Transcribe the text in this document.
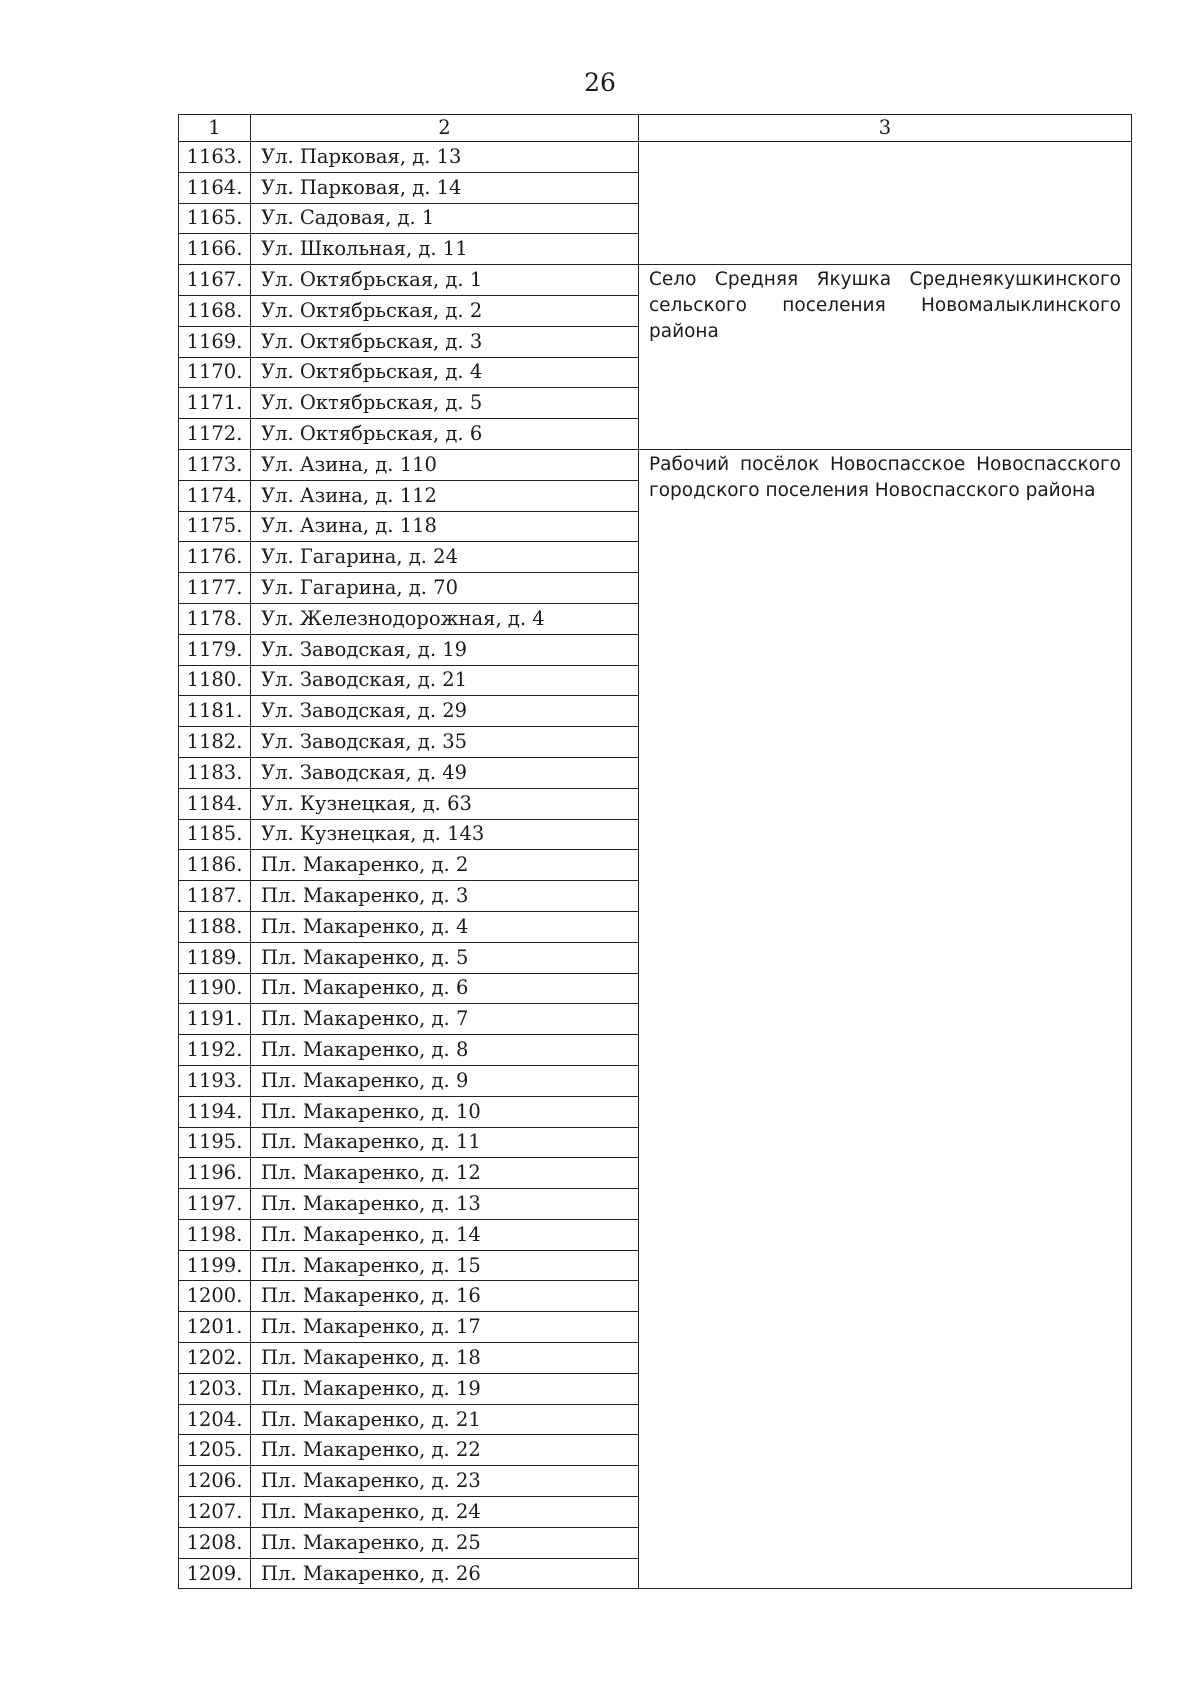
26
1	2	3
1163.	Ул. Парковая, д. 13	
1164.	Ул. Парковая, д. 14	
1165.	Ул. Садовая, д. 1	
1166.	Ул. Школьная, д. 11	
1167.	Ул. Октябрьская, д. 1	Село Средняя Якушка Среднеякушкинского сельского поселения Новомалыклинского района
1168.	Ул. Октябрьская, д. 2	
1169.	Ул. Октябрьская, д. 3	
1170.	Ул. Октябрьская, д. 4	
1171.	Ул. Октябрьская, д. 5	
1172.	Ул. Октябрьская, д. 6	
1173.	Ул. Азина, д. 110	Рабочий посёлок Новоспасское Новоспасского городского поселения Новоспасского района
1174.	Ул. Азина, д. 112	
1175.	Ул. Азина, д. 118	
1176.	Ул. Гагарина, д. 24	
1177.	Ул. Гагарина, д. 70	
1178.	Ул. Железнодорожная, д. 4	
1179.	Ул. Заводская, д. 19	
1180.	Ул. Заводская, д. 21	
1181.	Ул. Заводская, д. 29	
1182.	Ул. Заводская, д. 35	
1183.	Ул. Заводская, д. 49	
1184.	Ул. Кузнецкая, д. 63	
1185.	Ул. Кузнецкая, д. 143	
1186.	Пл. Макаренко, д. 2	
1187.	Пл. Макаренко, д. 3	
1188.	Пл. Макаренко, д. 4	
1189.	Пл. Макаренко, д. 5	
1190.	Пл. Макаренко, д. 6	
1191.	Пл. Макаренко, д. 7	
1192.	Пл. Макаренко, д. 8	
1193.	Пл. Макаренко, д. 9	
1194.	Пл. Макаренко, д. 10	
1195.	Пл. Макаренко, д. 11	
1196.	Пл. Макаренко, д. 12	
1197.	Пл. Макаренко, д. 13	
1198.	Пл. Макаренко, д. 14	
1199.	Пл. Макаренко, д. 15	
1200.	Пл. Макаренко, д. 16	
1201.	Пл. Макаренко, д. 17	
1202.	Пл. Макаренко, д. 18	
1203.	Пл. Макаренко, д. 19	
1204.	Пл. Макаренко, д. 21	
1205.	Пл. Макаренко, д. 22	
1206.	Пл. Макаренко, д. 23	
1207.	Пл. Макаренко, д. 24	
1208.	Пл. Макаренко, д. 25	
1209.	Пл. Макаренко, д. 26	
